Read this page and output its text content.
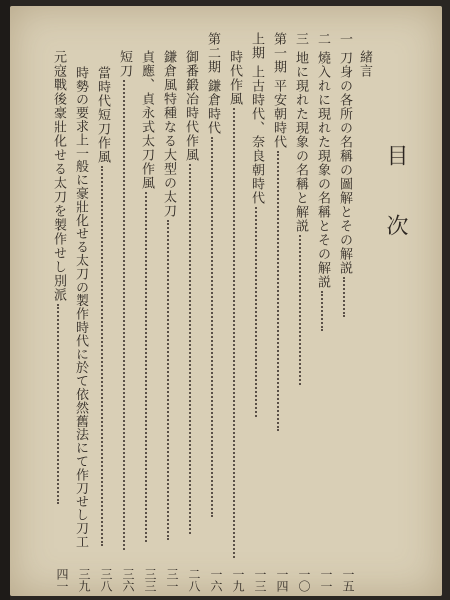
目次
緒言
一 刀身の各所の名稱の圖解とその解説
一五
二 燒入れに現れた現象の名稱とその解説
一一
三 地に現れた現象の名稱と解説
一〇
第一期 平安朝時代
一四
上期 上古時代、奈良朝時代
一三
時代作風
一九
第二期 鎌倉時代
一六
御番鍛冶時代作風
二八
鎌倉風特種なる大型の太刀
三一
貞應、貞永式太刀作風
三三
短刀
三六
當時代短刀作風
三八
時勢の要求上一般に豪壯化せる太刀の製作時代に於て依然舊法にて作刀せし刀工
三九
元寇戰後豪壯化せる太刀を製作せし別派
四一
